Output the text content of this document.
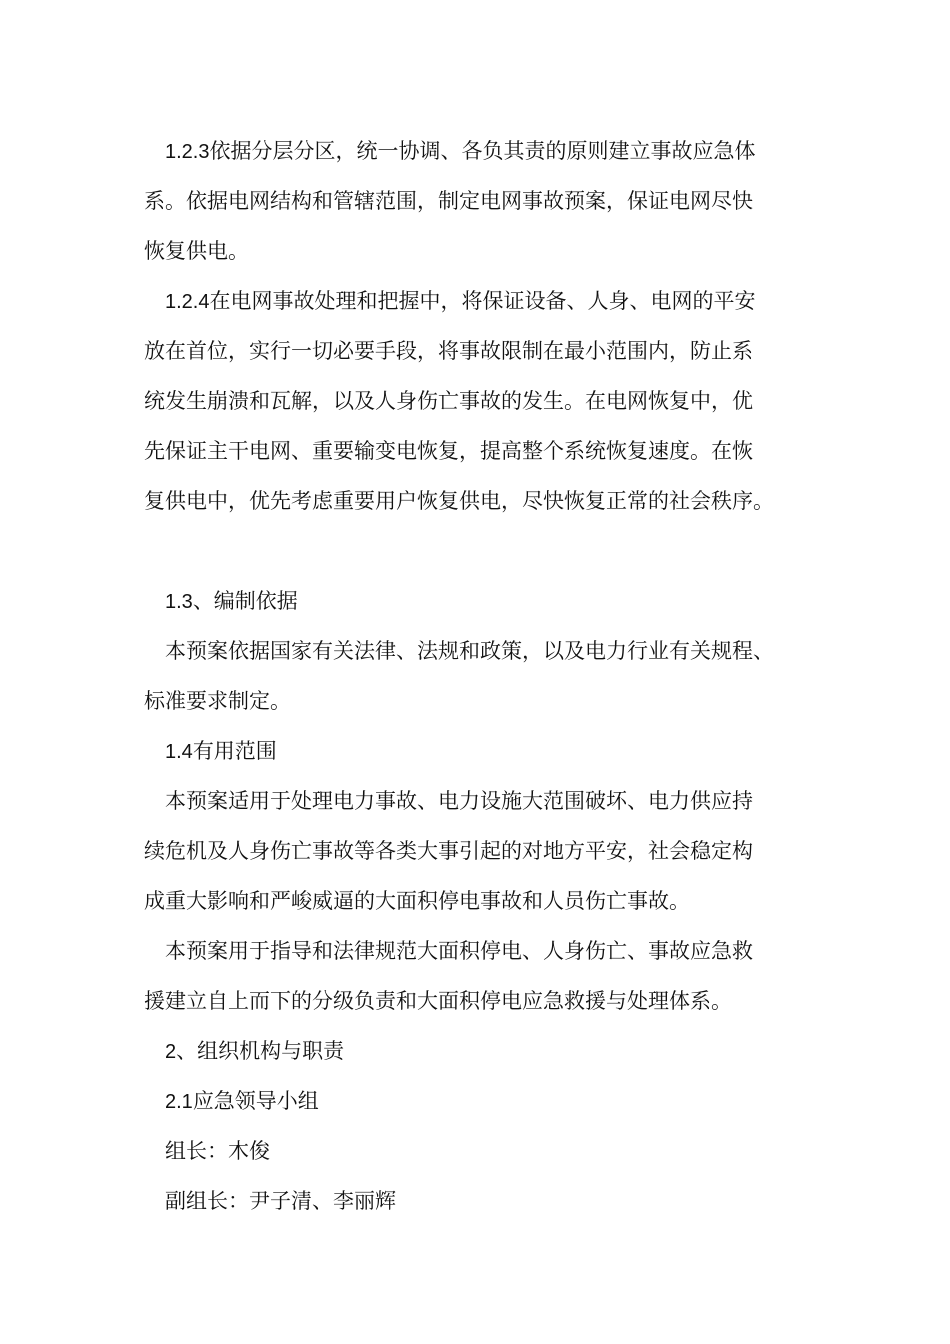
1.2.3依据分层分区，统一协调、各负其责的原则建立事故应急体
系。依据电网结构和管辖范围，制定电网事故预案，保证电网尽快
恢复供电。
1.2.4在电网事故处理和把握中，将保证设备、人身、电网的平安
放在首位，实行一切必要手段，将事故限制在最小范围内，防止系
统发生崩溃和瓦解，以及人身伤亡事故的发生。在电网恢复中，优
先保证主干电网、重要输变电恢复，提高整个系统恢复速度。在恢
复供电中，优先考虑重要用户恢复供电，尽快恢复正常的社会秩序。
1.3、编制依据
本预案依据国家有关法律、法规和政策，以及电力行业有关规程、
标准要求制定。
1.4有用范围
本预案适用于处理电力事故、电力设施大范围破坏、电力供应持
续危机及人身伤亡事故等各类大事引起的对地方平安，社会稳定构
成重大影响和严峻威逼的大面积停电事故和人员伤亡事故。
本预案用于指导和法律规范大面积停电、人身伤亡、事故应急救
援建立自上而下的分级负责和大面积停电应急救援与处理体系。
2、组织机构与职责
2.1应急领导小组
组长：木俊
副组长：尹子清、李丽辉
